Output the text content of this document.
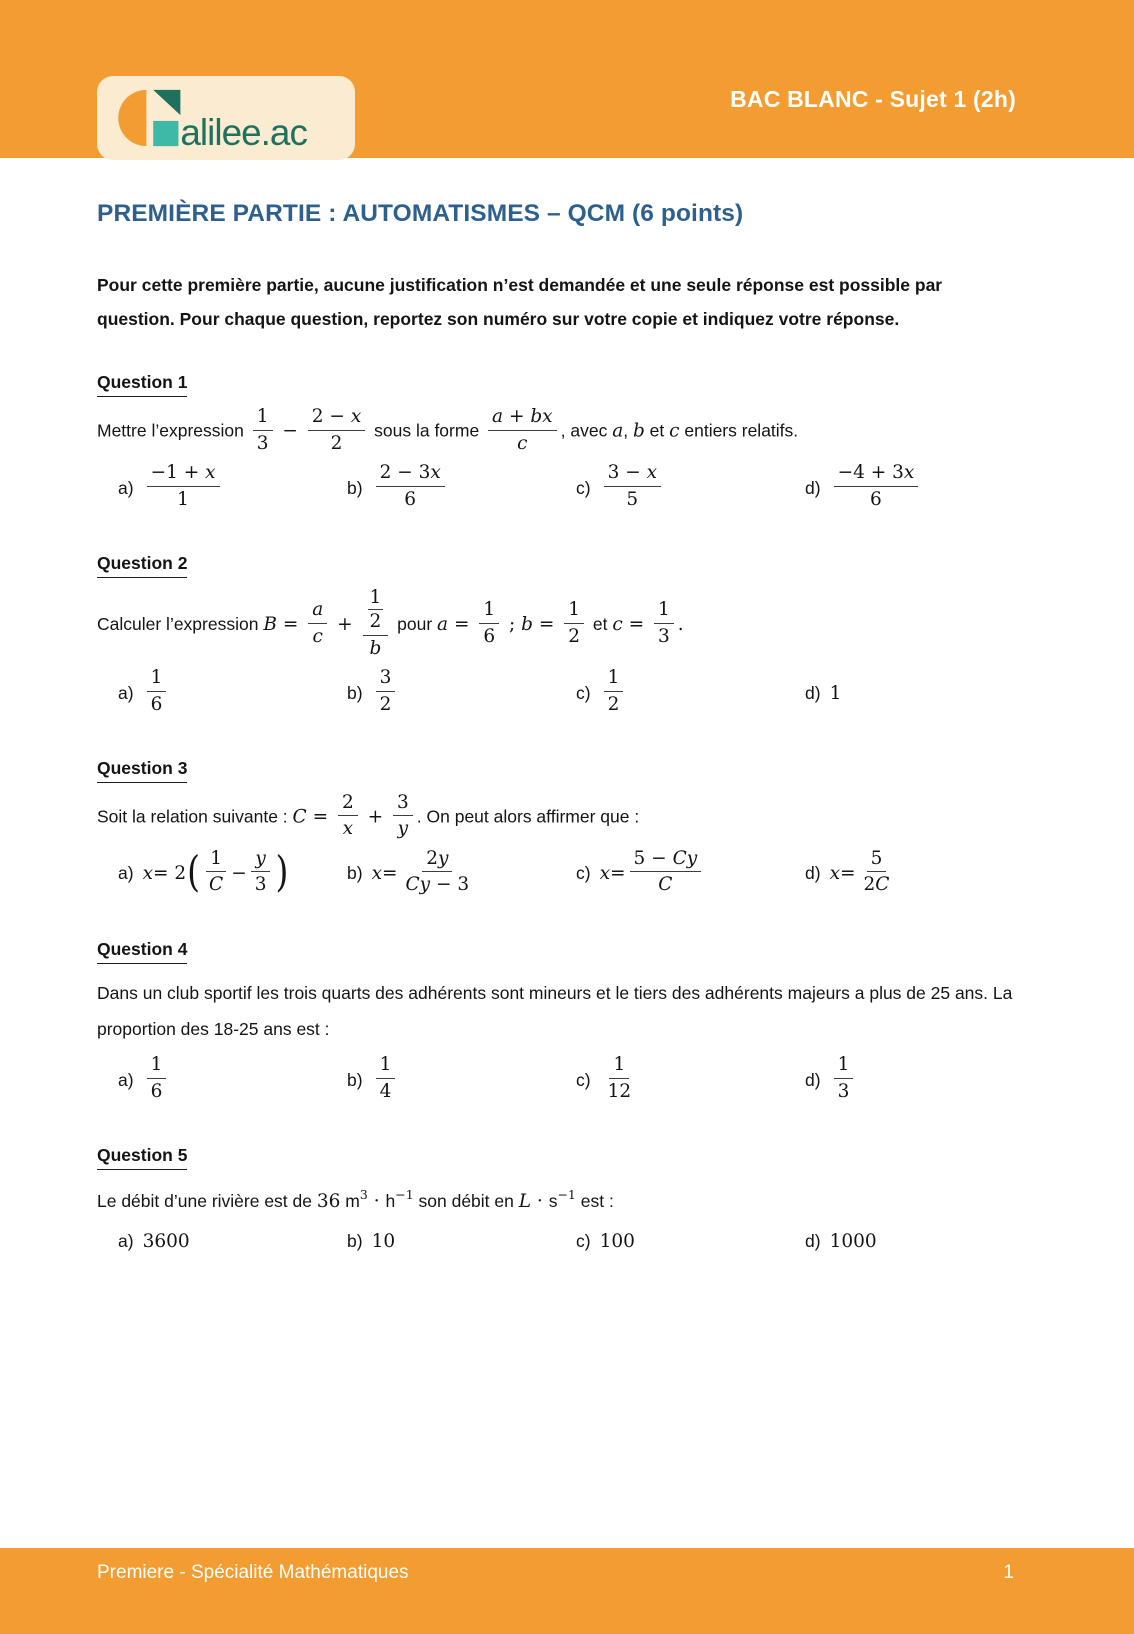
alilee.ac
BAC BLANC - Sujet 1 (2h)
PREMIÈRE PARTIE : AUTOMATISMES – QCM (6 points)

Pour cette première partie, aucune justification n’est demandée et une seule réponse est possible par question. Pour chaque question, reportez son numéro sur votre copie et indiquez votre réponse.

Question 1
Mettre l’expression $\frac{1}{3} - \frac{2 - x}{2}$ sous la forme $\frac{a + bx}{c}$ , avec a, b et c entiers relatifs.
$a) \frac{-1 + x}{1}$	$b) \frac{2 - 3x}{6}$	$c) \frac{3 - x}{5}$	$d) \frac{-4 + 3x}{6}$
Question 2
Calculer l’expression $B = \frac{a}{c} + \frac{\frac{1}{2}}{b}$ pour $a = \frac{1}{6}$ ; $b = \frac{1}{2}$ et $c = \frac{1}{3}$ .
$a) \frac{1}{6}$	$b) \frac{3}{2}$	$c) \frac{1}{2}$	d) 1
Question 3
Soit la relation suivante : $C = \frac{2}{x} + \frac{3}{y}$ . On peut alors affirmer que :
a) x = 2 ( $\frac{1}{C} - \frac{y}{3}$ )	b) $x = \frac{2y}{Cy - 3}$	c) $x = \frac{5 - Cy}{C}$	d) $x = \frac{5}{2C}$
Question 4
Dans un club sportif les trois quarts des adhérents sont mineurs et le tiers des adhérents majeurs a plus de 25 ans. La proportion des 18-25 ans est :
$a) \frac{1}{6}$	$b) \frac{1}{4}$	$c) \frac{1}{12}$	$d) \frac{1}{3}$
Question 5
Le débit d’une rivière est de 36 $m^3 \cdot h^{-1}$ son débit en $L \cdot s^{-1}$ est :
a) 3600	b) 10	c) 100	d) 1000
Premiere - Spécialité Mathématiques	1
